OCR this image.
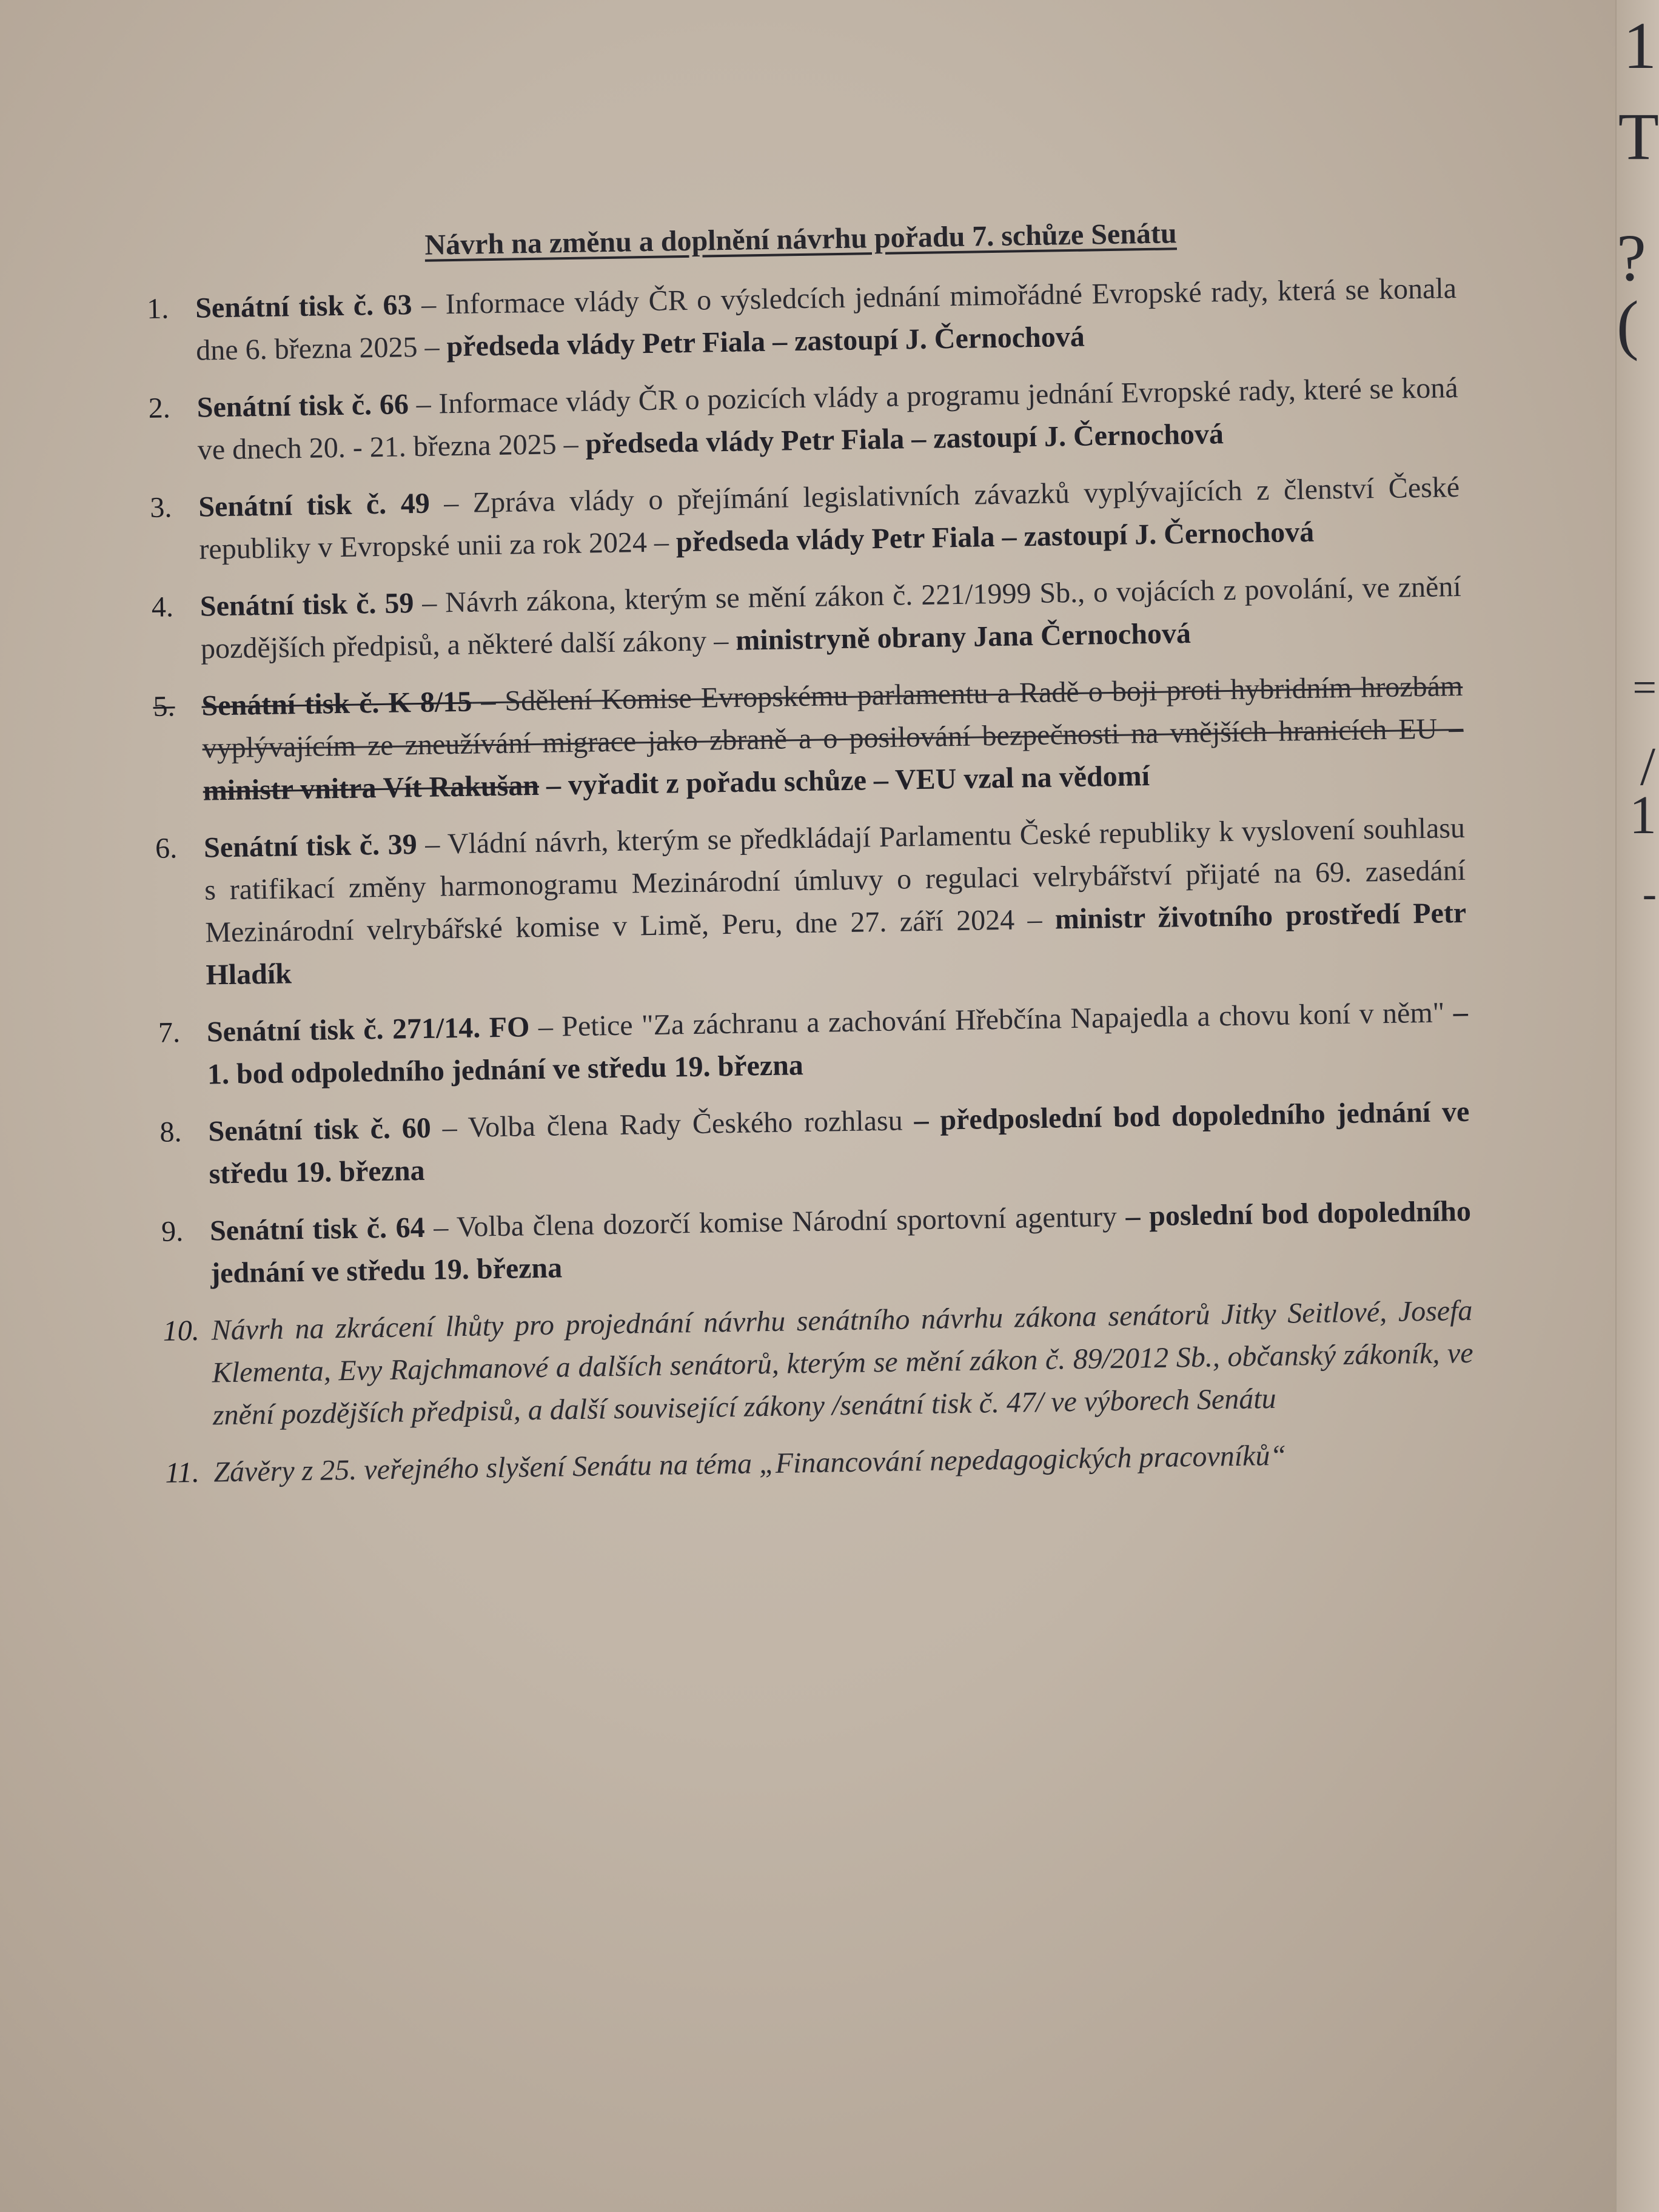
1
T
?(
=
/
1
-
Návrh na změnu a doplnění návrhu pořadu 7. schůze Senátu
1. Senátní tisk č. 63 – Informace vlády ČR o výsledcích jednání mimořádné Evropské rady, která se konala dne 6. března 2025 – předseda vlády Petr Fiala – zastoupí J. Černochová
2. Senátní tisk č. 66 – Informace vlády ČR o pozicích vlády a programu jednání Evropské rady, které se koná ve dnech 20. - 21. března 2025 – předseda vlády Petr Fiala – zastoupí J. Černochová
3. Senátní tisk č. 49 – Zpráva vlády o přejímání legislativních závazků vyplývajících z členství České republiky v Evropské unii za rok 2024 – předseda vlády Petr Fiala – zastoupí J. Černochová
4. Senátní tisk č. 59 – Návrh zákona, kterým se mění zákon č. 221/1999 Sb., o vojácích z povolání, ve znění pozdějších předpisů, a některé další zákony – ministryně obrany Jana Černochová
5. Senátní tisk č. K 8/15 – Sdělení Komise Evropskému parlamentu a Radě o boji proti hybridním hrozbám vyplývajícím ze zneužívání migrace jako zbraně a o posilování bezpečnosti na vnějších hranicích EU – ministr vnitra Vít Rakušan – vyřadit z pořadu schůze – VEU vzal na vědomí
6. Senátní tisk č. 39 – Vládní návrh, kterým se předkládají Parlamentu České republiky k vyslovení souhlasu s ratifikací změny harmonogramu Mezinárodní úmluvy o regulaci velrybářství přijaté na 69. zasedání Mezinárodní velrybářské komise v Limě, Peru, dne 27. září 2024 – ministr životního prostředí Petr Hladík
7. Senátní tisk č. 271/14. FO – Petice "Za záchranu a zachování Hřebčína Napajedla a chovu koní v něm" – 1. bod odpoledního jednání ve středu 19. března
8. Senátní tisk č. 60 – Volba člena Rady Českého rozhlasu – předposlední bod dopoledního jednání ve středu 19. března
9. Senátní tisk č. 64 – Volba člena dozorčí komise Národní sportovní agentury – poslední bod dopoledního jednání ve středu 19. března
10. Návrh na zkrácení lhůty pro projednání návrhu senátního návrhu zákona senátorů Jitky Seitlové, Josefa Klementa, Evy Rajchmanové a dalších senátorů, kterým se mění zákon č. 89/2012 Sb., občanský zákoník, ve znění pozdějších předpisů, a další související zákony /senátní tisk č. 47/ ve výborech Senátu
11. Závěry z 25. veřejného slyšení Senátu na téma „Financování nepedagogických pracovníků“
